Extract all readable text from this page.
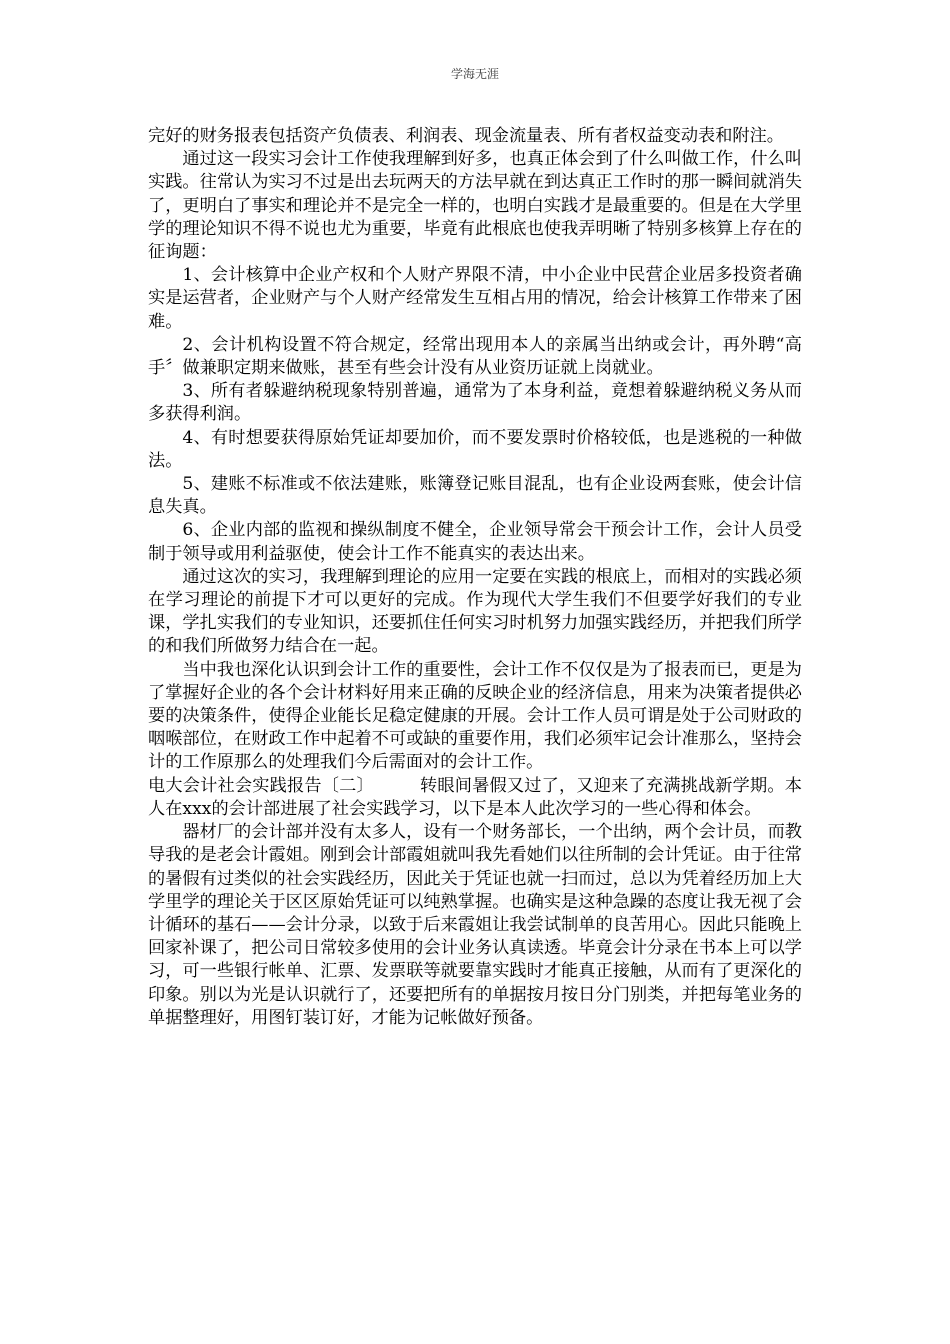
学海无涯

完好的财务报表包括资产负债表、利润表、现金流量表、所有者权益变动表和附注。

通过这一段实习会计工作使我理解到好多，也真正体会到了什么叫做工作，什么叫实践。往常认为实习不过是出去玩两天的方法早就在到达真正工作时的那一瞬间就消失了，更明白了事实和理论并不是完全一样的，也明白实践才是最重要的。但是在大学里学的理论知识不得不说也尤为重要，毕竟有此根底也使我弄明晰了特别多核算上存在的征询题：

1、会计核算中企业产权和个人财产界限不清，中小企业中民营企业居多投资者确实是运营者，企业财产与个人财产经常发生互相占用的情况，给会计核算工作带来了困难。

2、会计机构设置不符合规定，经常出现用本人的亲属当出纳或会计，再外聘“高手〞做兼职定期来做账，甚至有些会计没有从业资历证就上岗就业。

3、所有者躲避纳税现象特别普遍，通常为了本身利益，竟想着躲避纳税义务从而多获得利润。

4、有时想要获得原始凭证却要加价，而不要发票时价格较低，也是逃税的一种做法。

5、建账不标准或不依法建账，账簿登记账目混乱，也有企业设两套账，使会计信息失真。

6、企业内部的监视和操纵制度不健全，企业领导常会干预会计工作，会计人员受制于领导或用利益驱使，使会计工作不能真实的表达出来。

通过这次的实习，我理解到理论的应用一定要在实践的根底上，而相对的实践必须在学习理论的前提下才可以更好的完成。作为现代大学生我们不但要学好我们的专业课，学扎实我们的专业知识，还要抓住任何实习时机努力加强实践经历，并把我们所学的和我们所做努力结合在一起。

当中我也深化认识到会计工作的重要性，会计工作不仅仅是为了报表而已，更是为了掌握好企业的各个会计材料好用来正确的反映企业的经济信息，用来为决策者提供必要的决策条件，使得企业能长足稳定健康的开展。会计工作人员可谓是处于公司财政的咽喉部位，在财政工作中起着不可或缺的重要作用，我们必须牢记会计准那么，坚持会计的工作原那么的处理我们今后需面对的会计工作。

电大会计社会实践报告〔二〕	转眼间暑假又过了，又迎来了充满挑战新学期。本人在xxx的会计部进展了社会实践学习，以下是本人此次学习的一些心得和体会。

器材厂的会计部并没有太多人，设有一个财务部长，一个出纳，两个会计员，而教导我的是老会计霞姐。刚到会计部霞姐就叫我先看她们以往所制的会计凭证。由于往常的暑假有过类似的社会实践经历，因此关于凭证也就一扫而过，总以为凭着经历加上大学里学的理论关于区区原始凭证可以纯熟掌握。也确实是这种急躁的态度让我无视了会计循环的基石——会计分录，以致于后来霞姐让我尝试制单的良苦用心。因此只能晚上回家补课了，把公司日常较多使用的会计业务认真读透。毕竟会计分录在书本上可以学习，可一些银行帐单、汇票、发票联等就要靠实践时才能真正接触，从而有了更深化的印象。别以为光是认识就行了，还要把所有的单据按月按日分门别类，并把每笔业务的单据整理好，用图钉装订好，才能为记帐做好预备。
